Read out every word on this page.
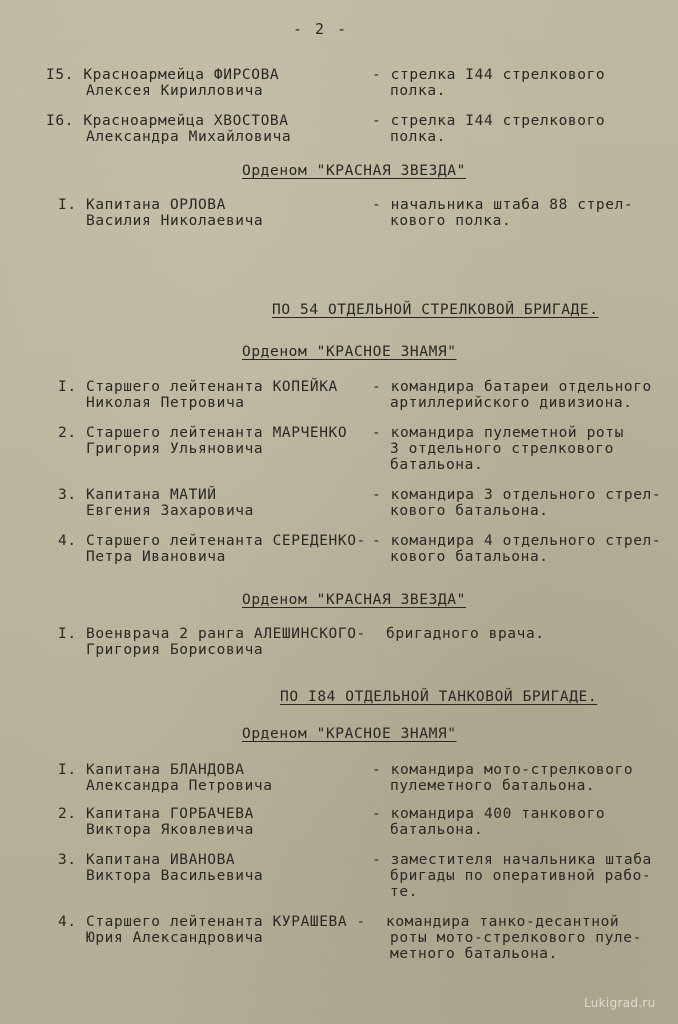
- 2 -
I5. Красноармейца ФИРСОВА
Алексея Кирилловича
- стрелка I44 стрелкового
полка.
I6. Красноармейца ХВОСТОВА
Александра Михайловича
- стрелка I44 стрелкового
полка.
Орденом "КРАСНАЯ ЗВЕЗДА"
I. Капитана ОРЛОВА
Василия Николаевича
- начальника штаба 88 стрел-
кового полка.
ПО 54 ОТДЕЛЬНОЙ СТРЕЛКОВОЙ БРИГАДЕ.
Орденом "КРАСНОЕ ЗНАМЯ"
I. Старшего лейтенанта КОПЕЙКА
Николая Петровича
- командира батареи отдельного
артиллерийского дивизиона.
2. Старшего лейтенанта МАРЧЕНКО
Григория Ульяновича
- командира пулеметной роты
3 отдельного стрелкового
батальона.
3. Капитана МАТИЙ
Евгения Захаровича
- командира 3 отдельного стрел-
кового батальона.
4. Старшего лейтенанта СЕРЕДЕНКО-
Петра Ивановича
- командира 4 отдельного стрел-
кового батальона.
Орденом "КРАСНАЯ ЗВЕЗДА"
I. Военврача 2 ранга АЛЕШИНСКОГО-
Григория Борисовича
бригадного врача.
ПО I84 ОТДЕЛЬНОЙ ТАНКОВОЙ БРИГАДЕ.
Орденом "КРАСНОЕ ЗНАМЯ"
I. Капитана БЛАНДОВА
Александра Петровича
- командира мото-стрелкового
пулеметного батальона.
2. Капитана ГОРБАЧЕВА
Виктора Яковлевича
- командира 400 танкового
батальона.
3. Капитана ИВАНОВА
Виктора Васильевича
- заместителя начальника штаба
бригады по оперативной рабо-
те.
4. Старшего лейтенанта КУРАШЕВА -
Юрия Александровича
командира танко-десантной
роты мото-стрелкового пуле-
метного батальона.
Lukigrad.ru
